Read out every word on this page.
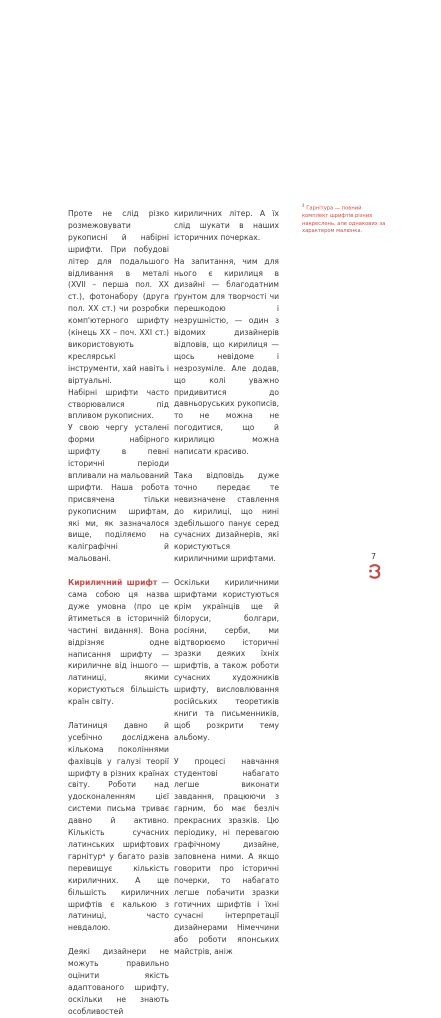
Проте не слід різко розмежовувати рукописні й набірні шрифти. При побудові літер для подальшого відливання в металі (XVII – перша пол. XX ст.), фотонабору (друга пол. XX ст.) чи розробки комп'ютерного шрифту (кінець XX – поч. XXI ст.) використовують креслярські інструменти, хай навіть і віртуальні.

Набірні шрифти часто створювалися під впливом рукописних.

У свою чергу усталені форми набірного шрифту в певні історичні періоди впливали на мальований шрифти. Наша робота присвячена тільки рукописним шрифтам, які ми, як зазначалося вище, поділяємо на каліграфічні й мальовані.

Кириличний шрифт — сама собою ця назва дуже умовна (про це йтиметься в історичній частині видання). Вона відрізняє одне написання шрифту — кириличне від іншого — латиниці, якими користуються більшість країн світу.

Латиниця давно й усебічно досліджена кількома поколіннями фахівців у галузі теорії шрифту в різних країнах світу. Роботи над удосконаленням цієї системи письма триває давно й активно. Кількість сучасних латинських шрифтових гарнітур⁴ у багато разів перевищує кількість кириличних. А ще більшість кириличних шрифтів є калькою з латиниці, часто невдалою.

Деякі дизайнери не можуть правильно оцінити якість адаптованого шрифту, оскільки не знають особливостей

кириличних літер. А їх слід шукати в наших історичних почерках.

На запитання, чим для нього є кирилиця в дизайні — благодатним ґрунтом для творчості чи перешкодою і незрушністю, — один з відомих дизайнерів відповів, що кирилиця — щось невідоме і незрозуміле. Але додав, що колі уважно придивитися до давньоруських рукописів, то не можна не погодитися, що й кирилицю можна написати красиво.

Така відповідь дуже точно передає те невизначене ставлення до кирилиці, що нині здебільшого панує серед сучасних дизайнерів, які користуються кириличними шрифтами.

Оскільки кириличними шрифтами користуються крім українців ще й білоруси, болгари, росіяни, серби, ми відтворюємо історичні зразки деяких їхніх шрифтів, а також роботи сучасних художників шрифту, висловлювання російських теоретиків книги та письменників, щоб розкрити тему альбому.

У процесі навчання студентові набагато легше виконати завдання, працюючи з гарним, бо має безліч прекрасних зразків. Цю періодику, ні перевагою графічному дизайне, заповнена ними. А якщо говорити про історичні почерки, то набагато легше побачити зразки готичних шрифтів і їхні сучасні інтерпретації дизайнерами Німеччини або роботи японських майстрів, аніж

$^4$ Гарнітура — повний комплект шрифтів різних накреслень, але однакових за характером малюнка.
7
